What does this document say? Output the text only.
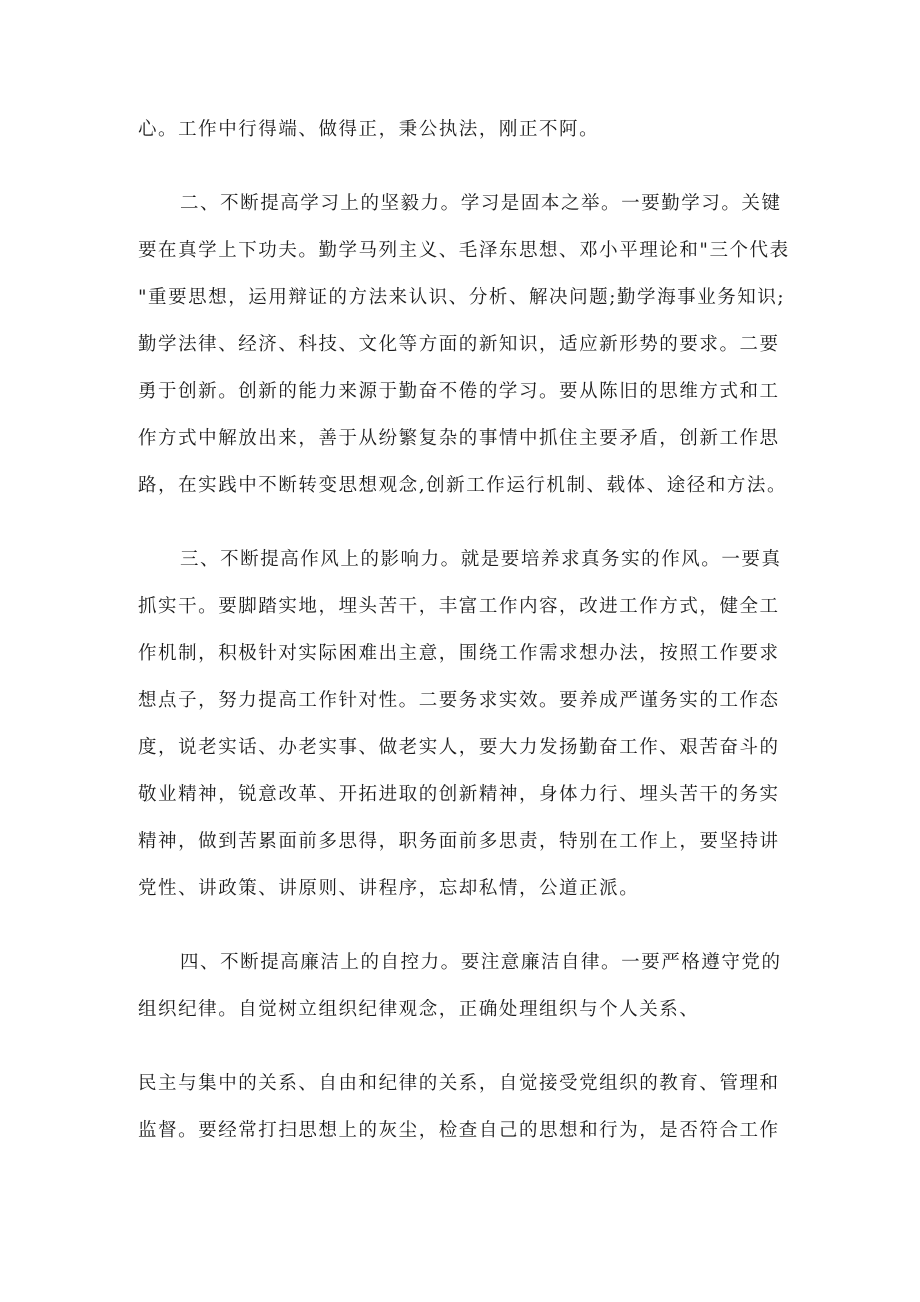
心。工作中行得端、做得正，秉公执法，刚正不阿。
二、不断提高学习上的坚毅力。学习是固本之举。一要勤学习。关键
要在真学上下功夫。勤学马列主义、毛泽东思想、邓小平理论和"三个代表
"重要思想，运用辩证的方法来认识、分析、解决问题;勤学海事业务知识;
勤学法律、经济、科技、文化等方面的新知识，适应新形势的要求。二要
勇于创新。创新的能力来源于勤奋不倦的学习。要从陈旧的思维方式和工
作方式中解放出来，善于从纷繁复杂的事情中抓住主要矛盾，创新工作思
路，在实践中不断转变思想观念,创新工作运行机制、载体、途径和方法。
三、不断提高作风上的影响力。就是要培养求真务实的作风。一要真
抓实干。要脚踏实地，埋头苦干，丰富工作内容，改进工作方式，健全工
作机制，积极针对实际困难出主意，围绕工作需求想办法，按照工作要求
想点子，努力提高工作针对性。二要务求实效。要养成严谨务实的工作态
度，说老实话、办老实事、做老实人，要大力发扬勤奋工作、艰苦奋斗的
敬业精神，锐意改革、开拓进取的创新精神，身体力行、埋头苦干的务实
精神，做到苦累面前多思得，职务面前多思责，特别在工作上，要坚持讲
党性、讲政策、讲原则、讲程序，忘却私情，公道正派。
四、不断提高廉洁上的自控力。要注意廉洁自律。一要严格遵守党的
组织纪律。自觉树立组织纪律观念，正确处理组织与个人关系、
民主与集中的关系、自由和纪律的关系，自觉接受党组织的教育、管理和
监督。要经常打扫思想上的灰尘，检查自己的思想和行为，是否符合工作
